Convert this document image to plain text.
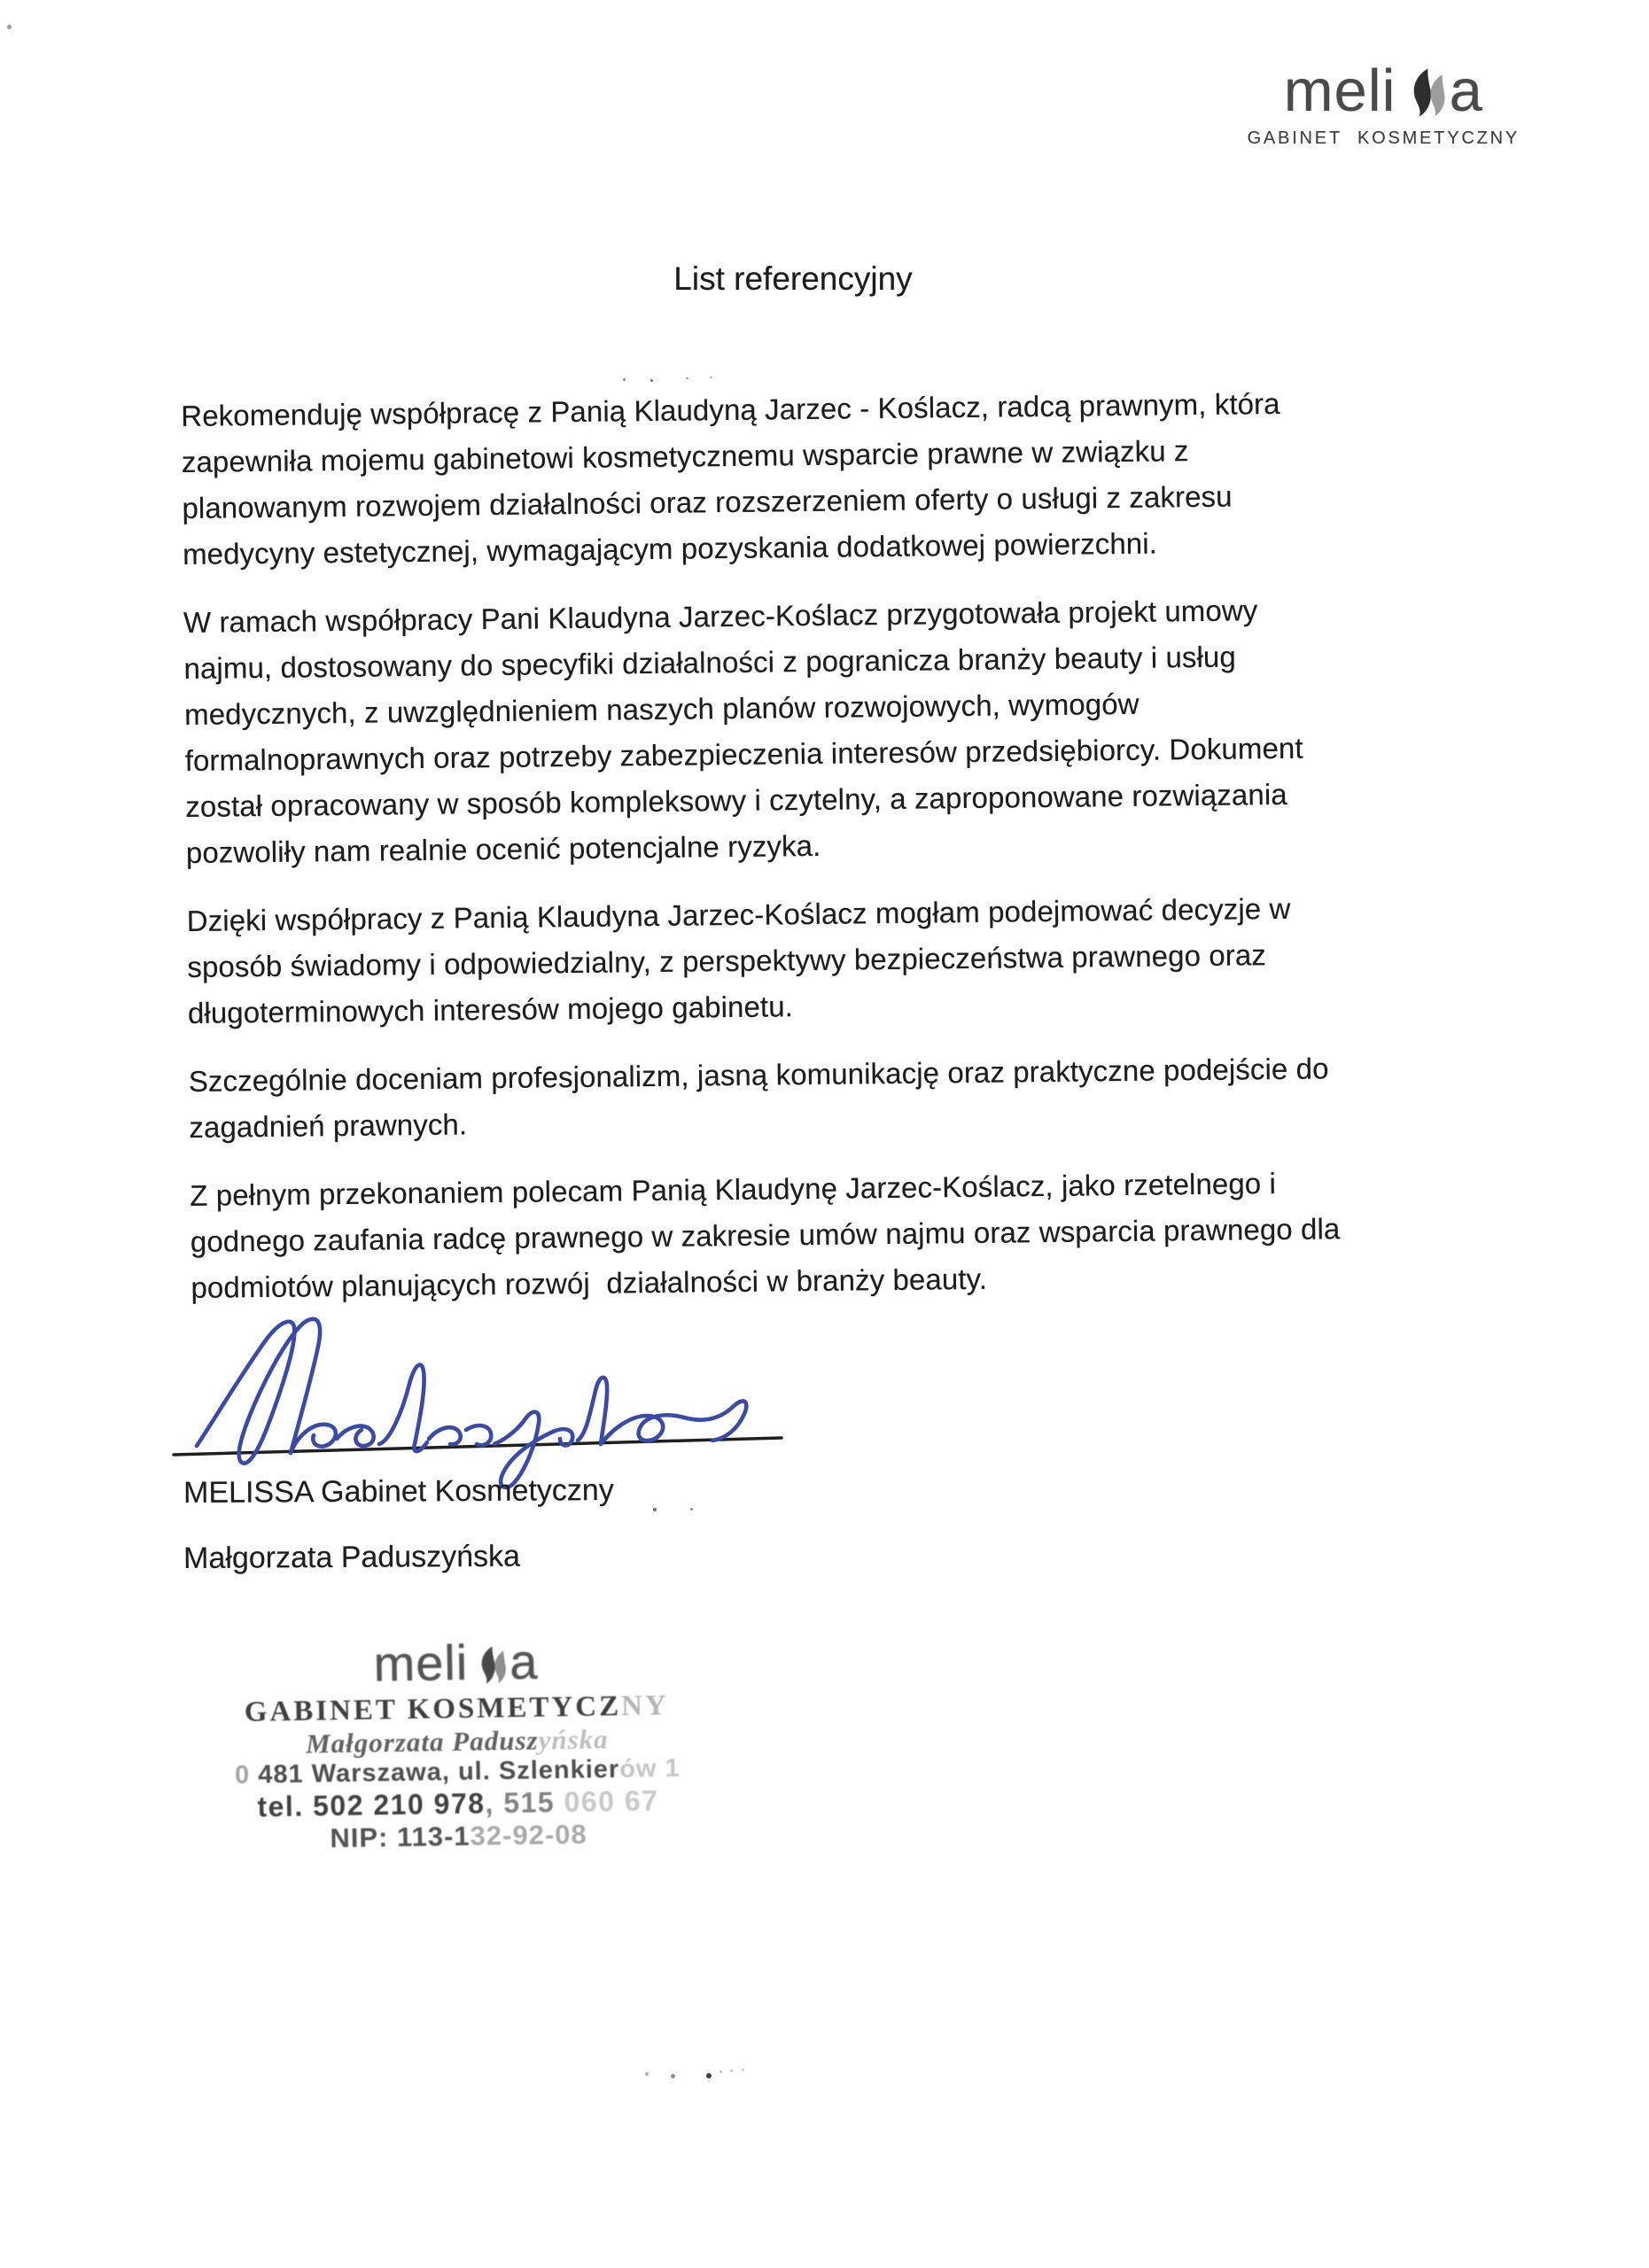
meli a
GABINET KOSMETYCZNY
List referencyjny

Rekomenduję współpracę z Panią Klaudyną Jarzec - Koślacz, radcą prawnym, która
zapewniła mojemu gabinetowi kosmetycznemu wsparcie prawne w związku z
planowanym rozwojem działalności oraz rozszerzeniem oferty o usługi z zakresu
medycyny estetycznej, wymagającym pozyskania dodatkowej powierzchni.

W ramach współpracy Pani Klaudyna Jarzec-Koślacz przygotowała projekt umowy
najmu, dostosowany do specyfiki działalności z pogranicza branży beauty i usług
medycznych, z uwzględnieniem naszych planów rozwojowych, wymogów
formalnoprawnych oraz potrzeby zabezpieczenia interesów przedsiębiorcy. Dokument
został opracowany w sposób kompleksowy i czytelny, a zaproponowane rozwiązania
pozwoliły nam realnie ocenić potencjalne ryzyka.

Dzięki współpracy z Panią Klaudyna Jarzec-Koślacz mogłam podejmować decyzje w
sposób świadomy i odpowiedzialny, z perspektywy bezpieczeństwa prawnego oraz
długoterminowych interesów mojego gabinetu.

Szczególnie doceniam profesjonalizm, jasną komunikację oraz praktyczne podejście do
zagadnień prawnych.

Z pełnym przekonaniem polecam Panią Klaudynę Jarzec-Koślacz, jako rzetelnego i
godnego zaufania radcę prawnego w zakresie umów najmu oraz wsparcia prawnego dla
podmiotów planujących rozwój  działalności w branży beauty.

MELISSA Gabinet Kosmetyczny
Małgorzata Paduszyńska
meli a
GABINET KOSMETYCZNY
Małgorzata Paduszyńska
0 481 Warszawa, ul. Szlenkierów 1
tel. 502 210 978, 515 060 67
NIP: 113-132-92-08
